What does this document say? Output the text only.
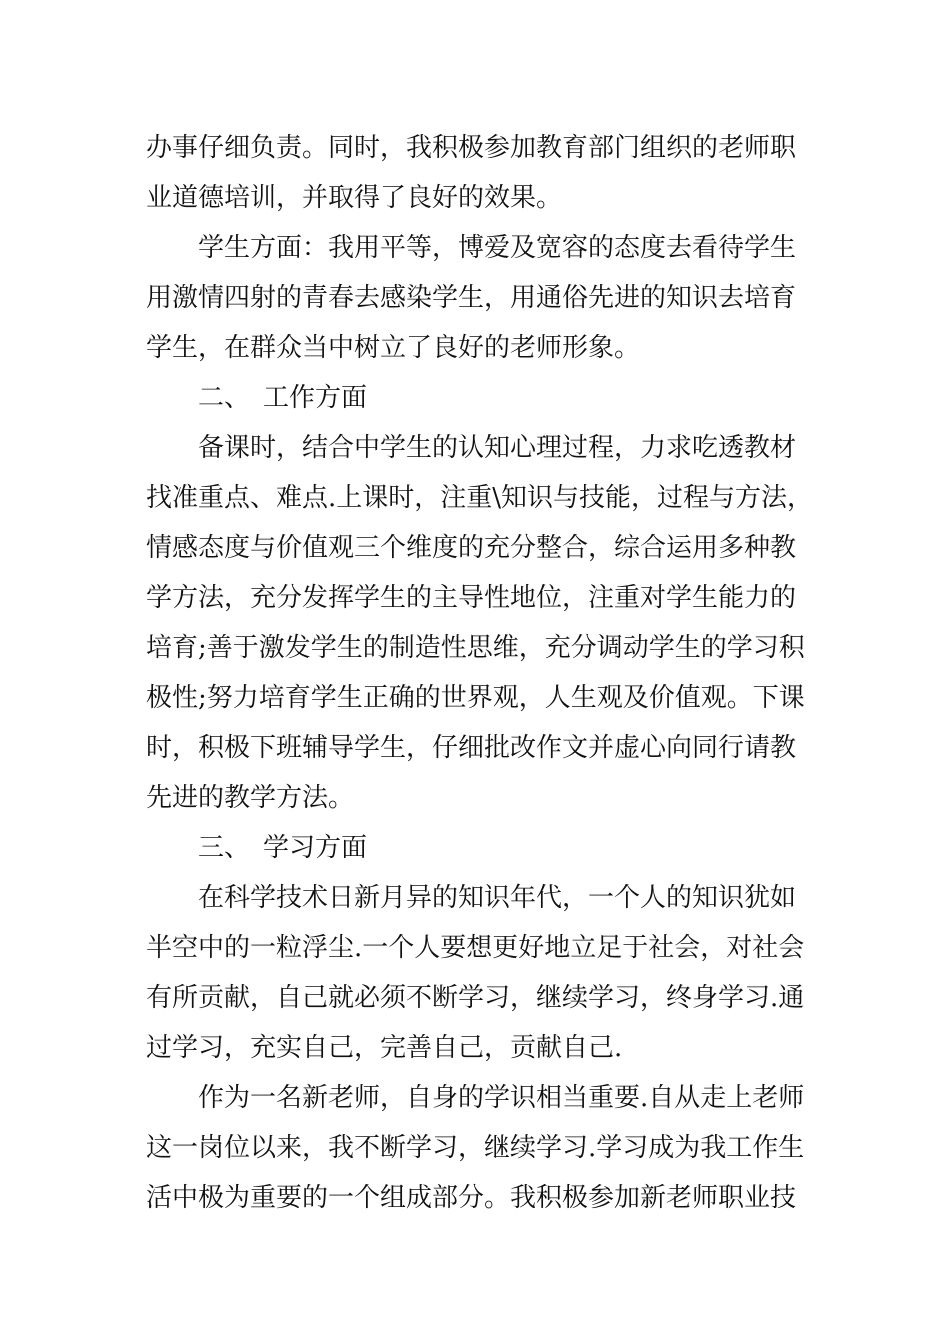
办事仔细负责。同时，我积极参加教育部门组织的老师职
业道德培训，并取得了良好的效果。
　　学生方面：我用平等，博爱及宽容的态度去看待学生
用激情四射的青春去感染学生，用通俗先进的知识去培育
学生，在群众当中树立了良好的老师形象。
　　二、　工作方面
　　备课时，结合中学生的认知心理过程，力求吃透教材
找准重点、难点.上课时，注重\知识与技能，过程与方法，
情感态度与价值观三个维度的充分整合，综合运用多种教
学方法，充分发挥学生的主导性地位，注重对学生能力的
培育;善于激发学生的制造性思维，充分调动学生的学习积
极性;努力培育学生正确的世界观，人生观及价值观。下课
时，积极下班辅导学生，仔细批改作文并虚心向同行请教
先进的教学方法。
　　三、　学习方面
　　在科学技术日新月异的知识年代，一个人的知识犹如
半空中的一粒浮尘.一个人要想更好地立足于社会，对社会
有所贡献，自己就必须不断学习，继续学习，终身学习.通
过学习，充实自己，完善自己，贡献自己.
　　作为一名新老师，自身的学识相当重要.自从走上老师
这一岗位以来，我不断学习，继续学习.学习成为我工作生
活中极为重要的一个组成部分。我积极参加新老师职业技
